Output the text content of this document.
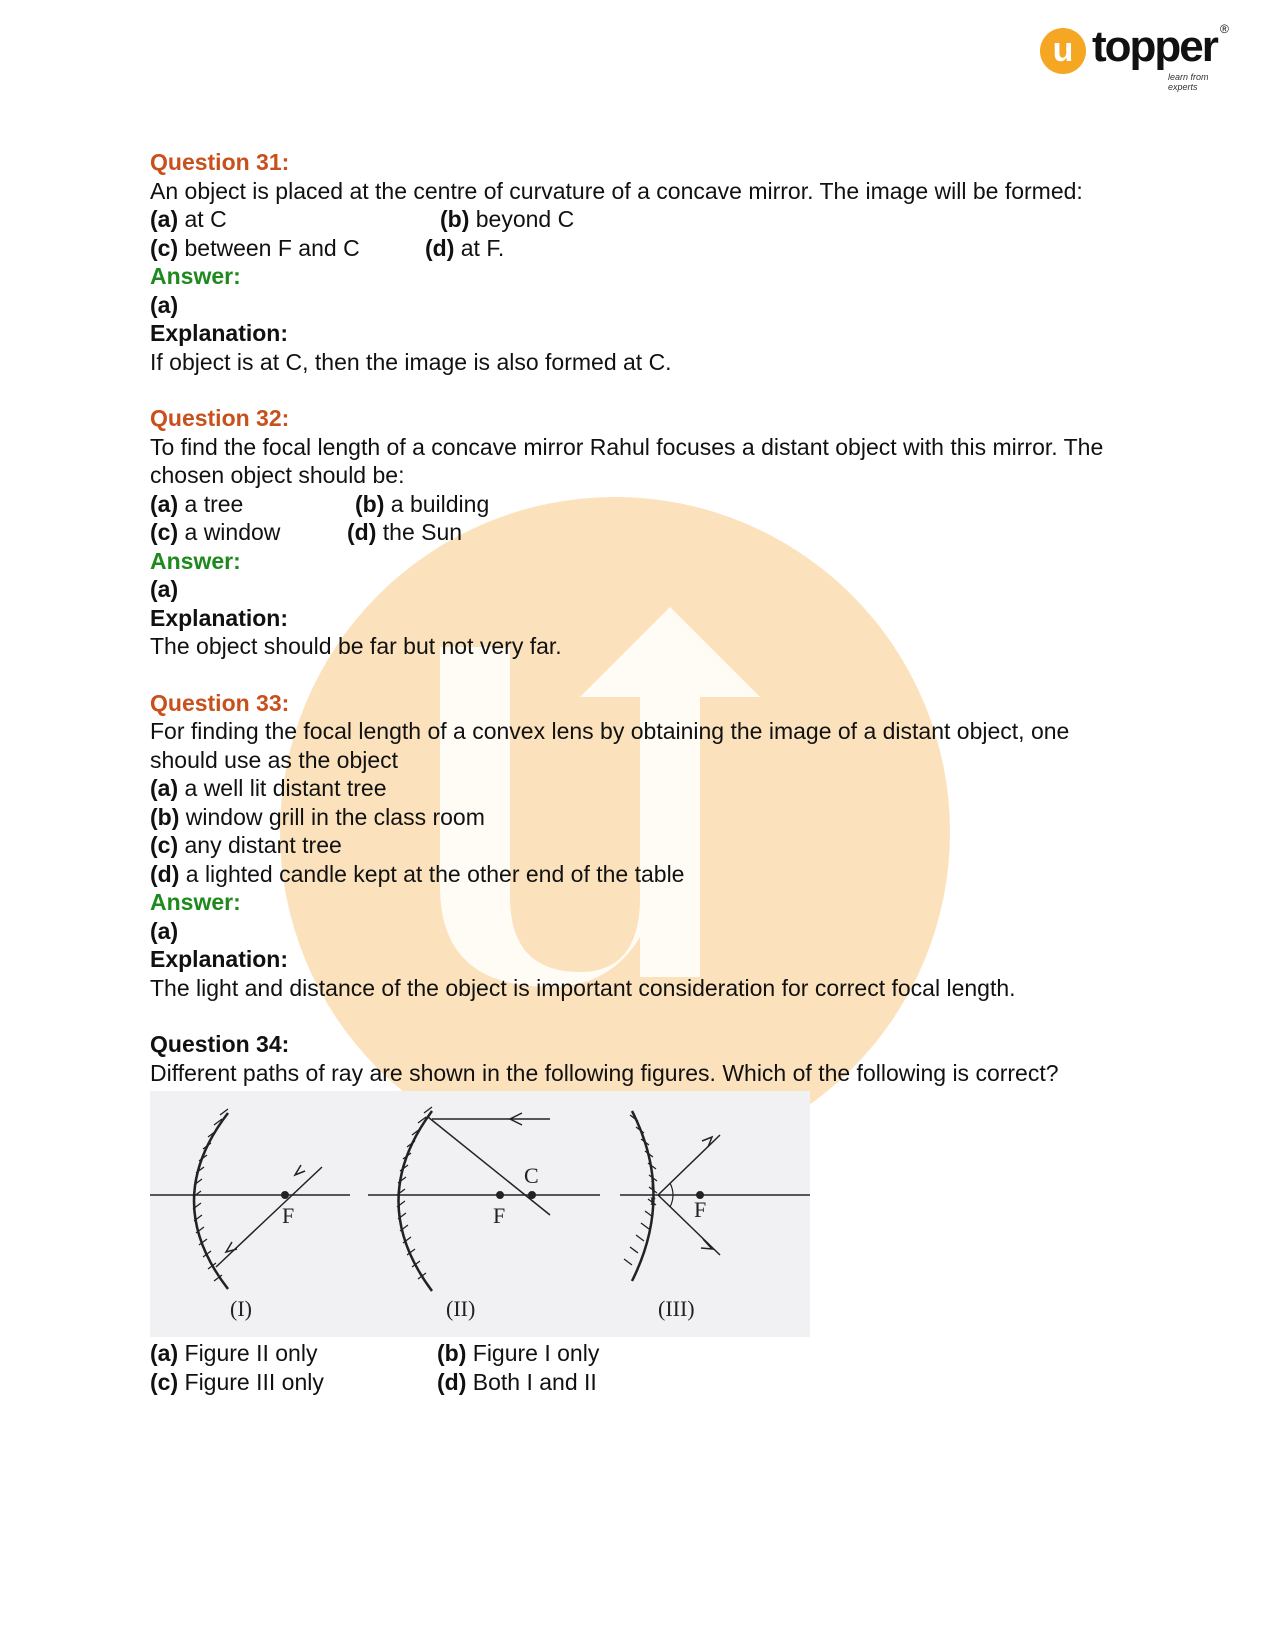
u topper ®
learn from experts
Question 31:
An object is placed at the centre of curvature of a concave mirror. The image will be formed:
(a) at C	(b) beyond C
(c) between F and C	(d) at F.
Answer:
(a)
Explanation:
If object is at C, then the image is also formed at C.
Question 32:
To find the focal length of a concave mirror Rahul focuses a distant object with this mirror. The chosen object should be:
(a) a tree	(b) a building
(c) a window	(d) the Sun
Answer:
(a)
Explanation:
The object should be far but not very far.
Question 33:
For finding the focal length of a convex lens by obtaining the image of a distant object, one should use as the object
(a) a well lit distant tree
(b) window grill in the class room
(c) any distant tree
(d) a lighted candle kept at the other end of the table
Answer:
(a)
Explanation:
The light and distance of the object is important consideration for correct focal length.
Question 34:
Different paths of ray are shown in the following figures. Which of the following is correct?
F	F
C
F
i
r
(I)	(II)	(III)
(a) Figure II only	(b) Figure I only
(c) Figure III only	(d) Both I and II
